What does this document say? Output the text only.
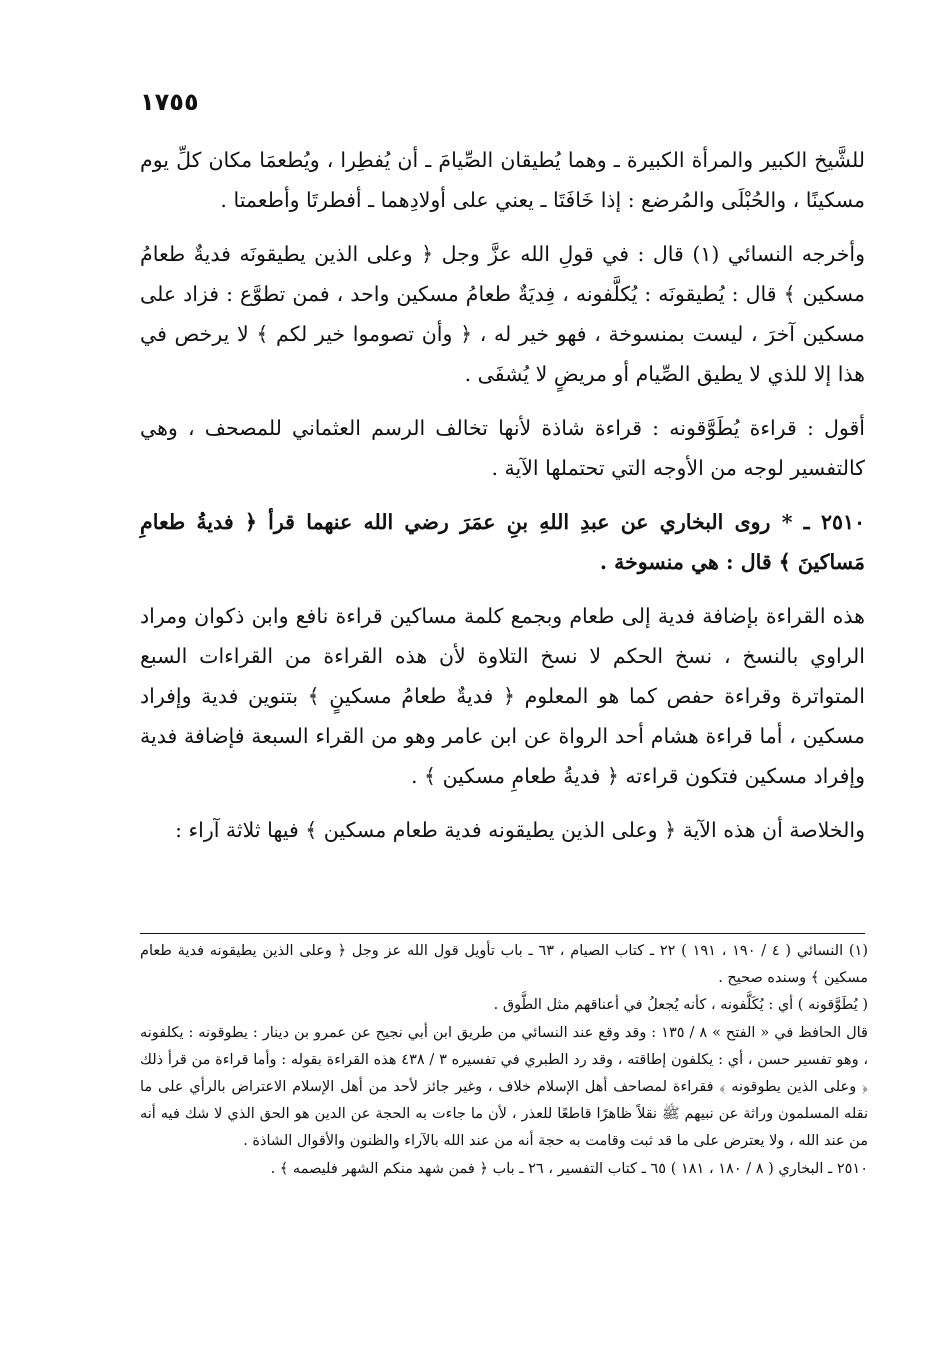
١٧٥٥

للشَّيخ الكبير والمرأة الكبيرة ـ وهما يُطيقان الصِّيامَ ـ أن يُفطِرا ، ويُطعمَا مكان كلِّ يوم مسكينًا ، والحُبْلَى والمُرضع : إذا خَافَتَا ـ يعني على أولادِهما ـ أفطرتَا وأطعمتا .

وأخرجه النسائي (١) قال : في قولِ الله عزَّ وجل ﴿ وعلى الذين يطيقونَه فديةٌ طعامُ مسكين ﴾ قال : يُطيقونَه : يُكلَّفونه ، فِديَةٌ طعامُ مسكين واحد ، فمن تطوَّع : فزاد على مسكين آخرَ ، ليست بمنسوخة ، فهو خير له ، ﴿ وأن تصوموا خير لكم ﴾ لا يرخص في هذا إلا للذي لا يطيق الصِّيام أو مريضٍ لا يُشفَى .

أقول : قراءة يُطَوَّقونه : قراءة شاذة لأنها تخالف الرسم العثماني للمصحف ، وهي كالتفسير لوجه من الأوجه التي تحتملها الآية .

٢٥١٠ ـ * روى البخاري عن عبدِ اللهِ بنِ عمَرَ رضي الله عنهما قرأ ﴿ فديةُ طعامِ مَساكينَ ﴾ قال : هي منسوخة .

هذه القراءة بإضافة فدية إلى طعام وبجمع كلمة مساكين قراءة نافع وابن ذكوان ومراد الراوي بالنسخ ، نسخ الحكم لا نسخ التلاوة لأن هذه القراءة من القراءات السبع المتواترة وقراءة حفص كما هو المعلوم ﴿ فديةٌ طعامُ مسكينٍ ﴾ بتنوين فدية وإفراد مسكين ، أما قراءة هشام أحد الرواة عن ابن عامر وهو من القراء السبعة فإضافة فدية وإفراد مسكين فتكون قراءته ﴿ فديةُ طعامِ مسكين ﴾ .

والخلاصة أن هذه الآية ﴿ وعلى الذين يطيقونه فدية طعام مسكين ﴾ فيها ثلاثة آراء :

(١) النسائي ( ٤ / ١٩٠ ، ١٩١ ) ٢٢ ـ كتاب الصيام ، ٦٣ ـ باب تأويل قول الله عز وجل ﴿ وعلى الذين يطيقونه فدية طعام مسكين ﴾ وسنده صحيح .

( يُطَوَّقونه ) أي : يُكَلَّفونه ، كأنه يُجعلُ في أعناقهم مثل الطَّوق .

قال الحافظ في « الفتح » ٨ / ١٣٥ : وقد وقع عند النسائي من طريق ابن أبي نجيح عن عمرو بن دينار : يطوقونه : يكلفونه ، وهو تفسير حسن ، أي : يكلفون إطاقته ، وقد رد الطبري في تفسيره ٣ / ٤٣٨ هذه القراءة بقوله : وأما قراءة من قرأ ذلك ﴿ وعلى الذين يطوقونه ﴾ فقراءة لمصاحف أهل الإسلام خلاف ، وغير جائز لأحد من أهل الإسلام الاعتراض بالرأي على ما نقله المسلمون وراثة عن نبيهم ﷺ نقلاً ظاهرًا قاطعًا للعذر ، لأن ما جاءت به الحجة عن الدين هو الحق الذي لا شك فيه أنه من عند الله ، ولا يعترض على ما قد ثبت وقامت به حجة أنه من عند الله بالآراء والظنون والأقوال الشاذة .

٢٥١٠ ـ البخاري ( ٨ / ١٨٠ ، ١٨١ ) ٦٥ ـ كتاب التفسير ، ٢٦ ـ باب ﴿ فمن شهد منكم الشهر فليصمه ﴾ .
